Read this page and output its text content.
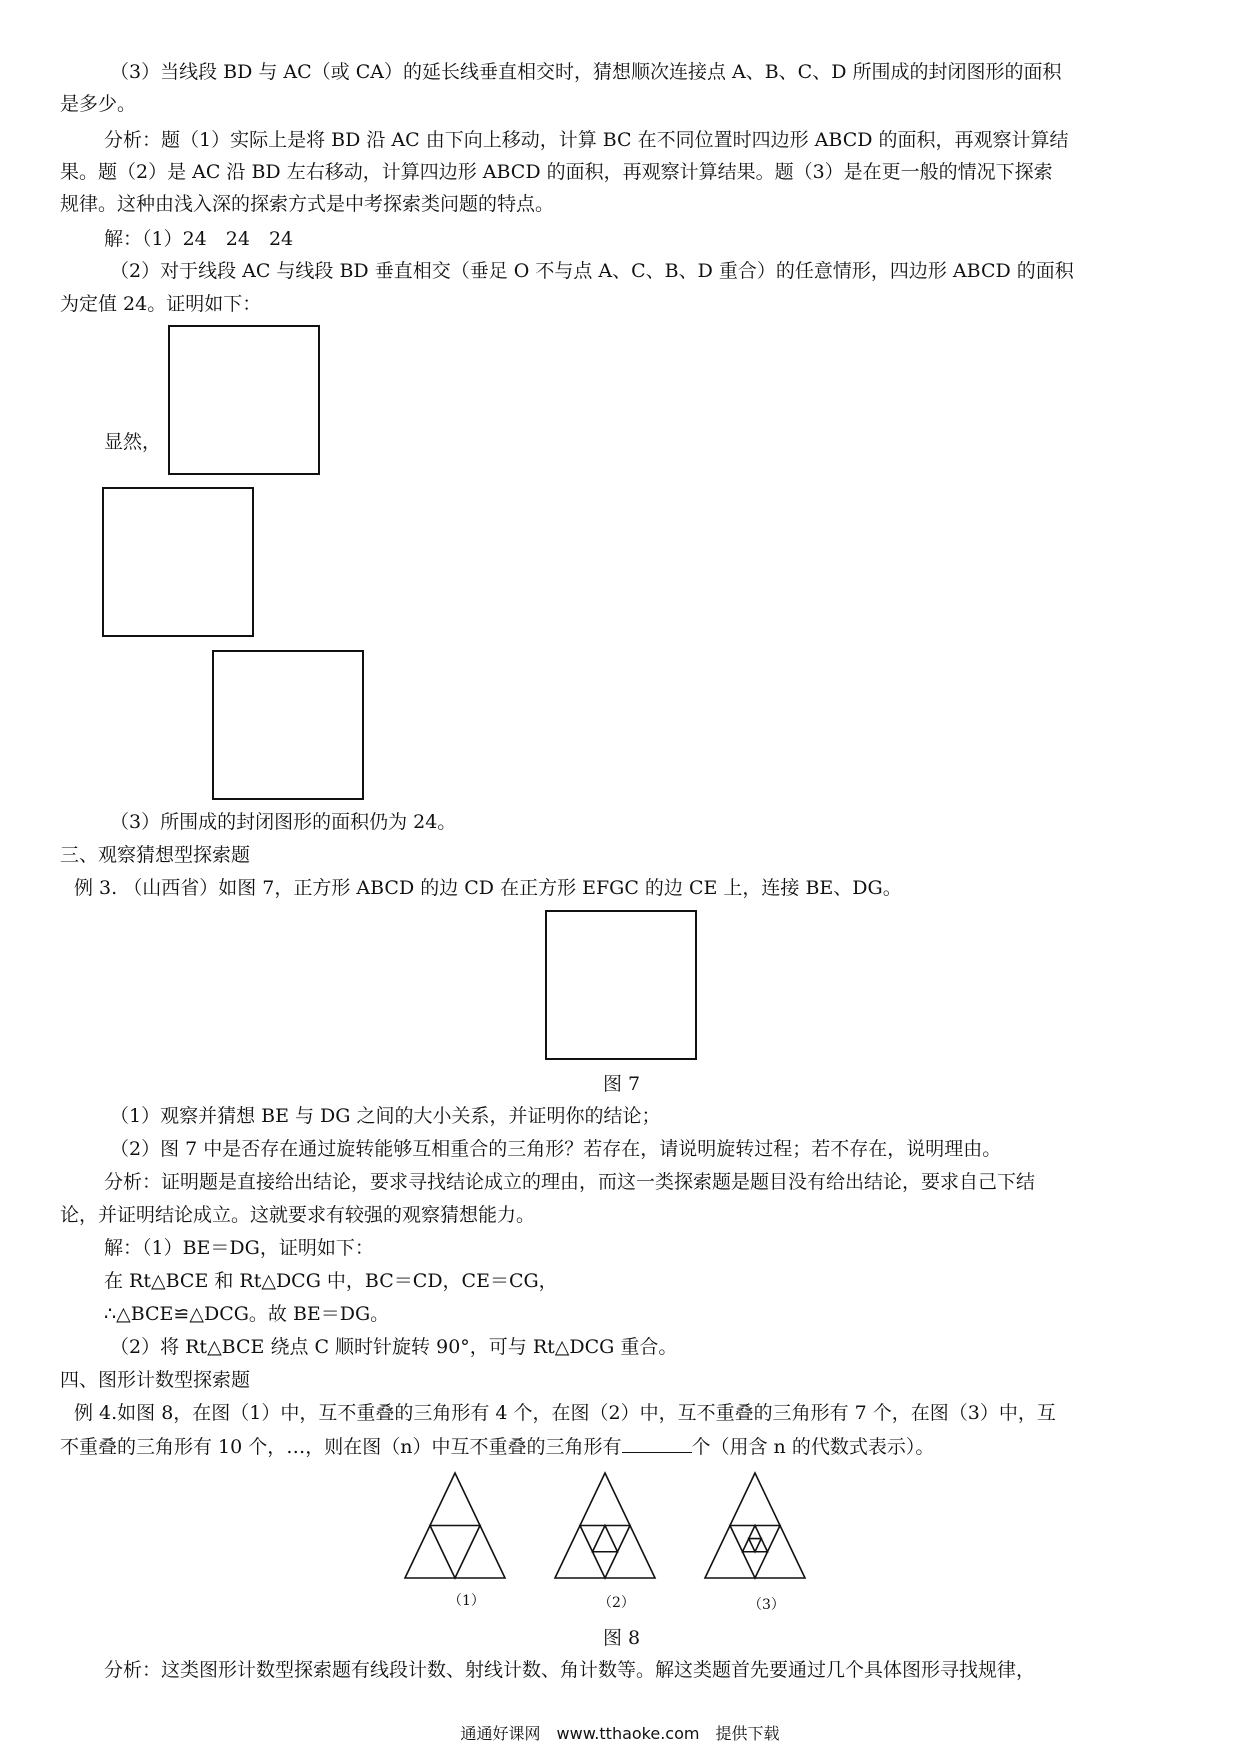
（3）当线段 BD 与 AC（或 CA）的延长线垂直相交时，猜想顺次连接点 A、B、C、D 所围成的封闭图形的面积
是多少。
分析：题（1）实际上是将 BD 沿 AC 由下向上移动，计算 BC 在不同位置时四边形 ABCD 的面积，再观察计算结
果。题（2）是 AC 沿 BD 左右移动，计算四边形 ABCD 的面积，再观察计算结果。题（3）是在更一般的情况下探索
规律。这种由浅入深的探索方式是中考探索类问题的特点。
解：（1）24　24　24
（2）对于线段 AC 与线段 BD 垂直相交（垂足 O 不与点 A、C、B、D 重合）的任意情形，四边形 ABCD 的面积
为定值 24。证明如下：
显然，
（3）所围成的封闭图形的面积仍为 24。
三、观察猜想型探索题
例 3. （山西省）如图 7，正方形 ABCD 的边 CD 在正方形 EFGC 的边 CE 上，连接 BE、DG。
图 7
（1）观察并猜想 BE 与 DG 之间的大小关系，并证明你的结论；
（2）图 7 中是否存在通过旋转能够互相重合的三角形？若存在，请说明旋转过程；若不存在，说明理由。
分析：证明题是直接给出结论，要求寻找结论成立的理由，而这一类探索题是题目没有给出结论，要求自己下结
论，并证明结论成立。这就要求有较强的观察猜想能力。
解：（1）BE＝DG，证明如下：
在 Rt△BCE 和 Rt△DCG 中，BC＝CD，CE＝CG，
∴△BCE≌△DCG。故 BE＝DG。
（2）将 Rt△BCE 绕点 C 顺时针旋转 90°，可与 Rt△DCG 重合。
四、图形计数型探索题
例 4.如图 8，在图（1）中，互不重叠的三角形有 4 个，在图（2）中，互不重叠的三角形有 7 个，在图（3）中，互
不重叠的三角形有 10 个，…，则在图（n）中互不重叠的三角形有	个（用含 n 的代数式表示）。
（1）	（2）	（3）
图 8
分析：这类图形计数型探索题有线段计数、射线计数、角计数等。解这类题首先要通过几个具体图形寻找规律，
通通好课网　www.tthaoke.com　提供下载
